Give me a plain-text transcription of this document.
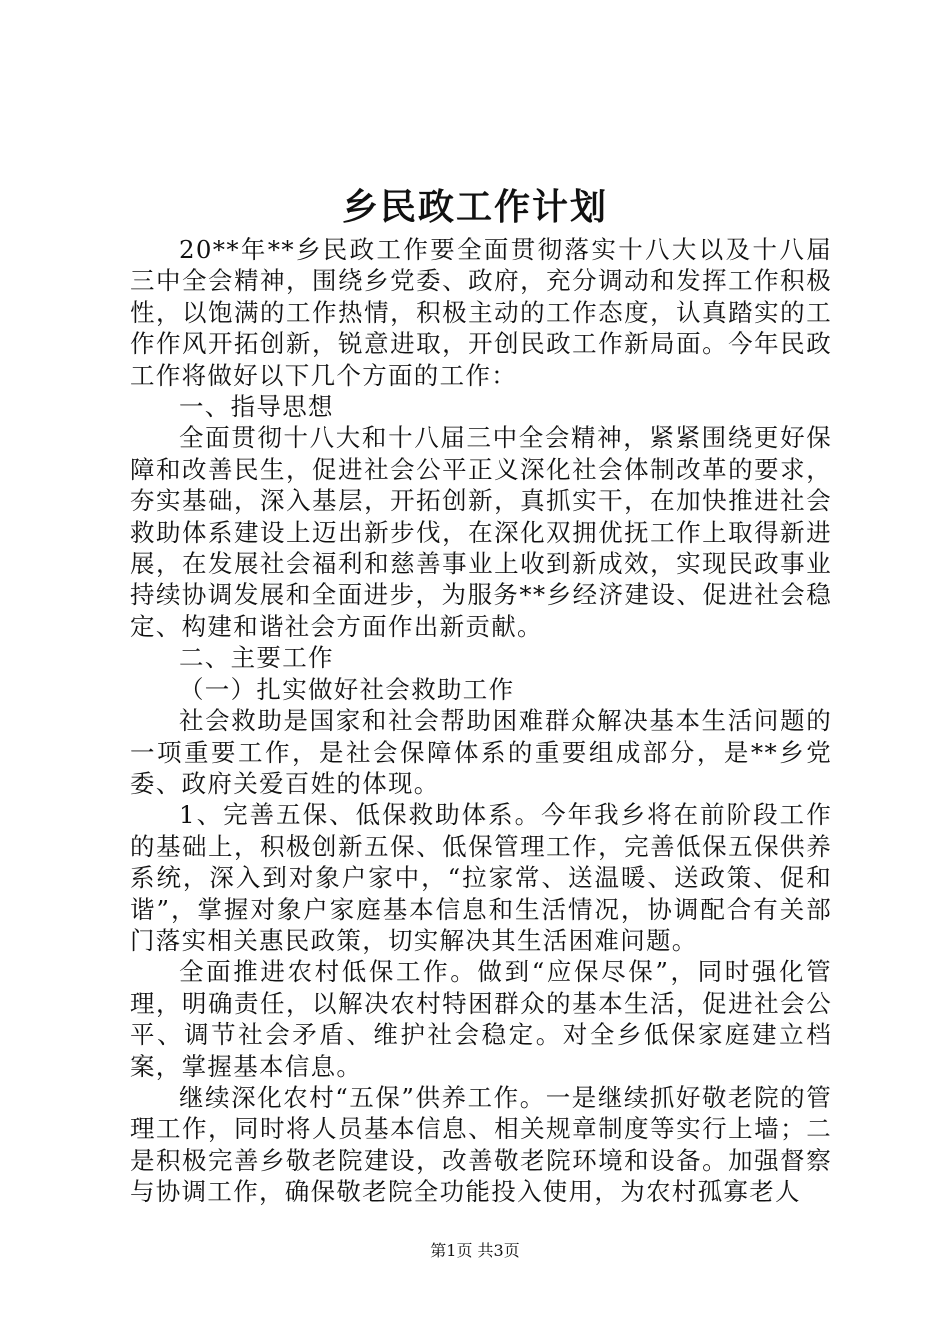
乡民政工作计划

20**年**乡民政工作要全面贯彻落实十八大以及十八届三中全会精神，围绕乡党委、政府，充分调动和发挥工作积极性，以饱满的工作热情，积极主动的工作态度，认真踏实的工作作风开拓创新，锐意进取，开创民政工作新局面。今年民政工作将做好以下几个方面的工作：

一、指导思想

全面贯彻十八大和十八届三中全会精神，紧紧围绕更好保障和改善民生，促进社会公平正义深化社会体制改革的要求，夯实基础，深入基层，开拓创新，真抓实干，在加快推进社会救助体系建设上迈出新步伐，在深化双拥优抚工作上取得新进展，在发展社会福利和慈善事业上收到新成效，实现民政事业持续协调发展和全面进步，为服务**乡经济建设、促进社会稳定、构建和谐社会方面作出新贡献。

二、主要工作

（一）扎实做好社会救助工作

社会救助是国家和社会帮助困难群众解决基本生活问题的一项重要工作，是社会保障体系的重要组成部分，是**乡党委、政府关爱百姓的体现。

1、完善五保、低保救助体系。今年我乡将在前阶段工作的基础上，积极创新五保、低保管理工作，完善低保五保供养系统，深入到对象户家中，“拉家常、送温暖、送政策、促和谐”，掌握对象户家庭基本信息和生活情况，协调配合有关部门落实相关惠民政策，切实解决其生活困难问题。

全面推进农村低保工作。做到“应保尽保”，同时强化管理，明确责任，以解决农村特困群众的基本生活，促进社会公平、调节社会矛盾、维护社会稳定。对全乡低保家庭建立档案，掌握基本信息。

继续深化农村“五保”供养工作。一是继续抓好敬老院的管理工作，同时将人员基本信息、相关规章制度等实行上墙；二是积极完善乡敬老院建设，改善敬老院环境和设备。加强督察与协调工作，确保敬老院全功能投入使用，为农村孤寡老人

第1页 共3页
